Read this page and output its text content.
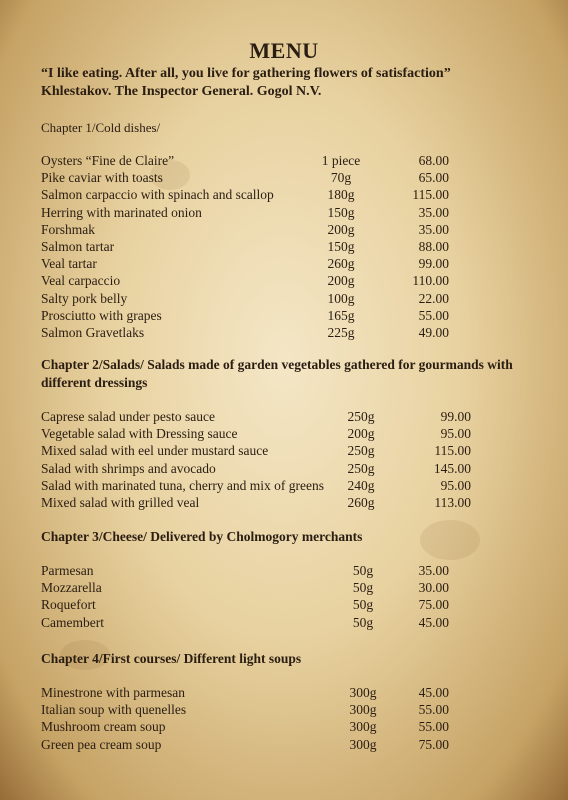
MENU
“I like eating. After all, you live for gathering flowers of satisfaction”
Khlestakov. The Inspector General. Gogol N.V.
Chapter 1/Cold dishes/
Oysters “Fine de Claire”	1 piece	68.00
Pike caviar with toasts	70g	65.00
Salmon carpaccio with spinach and scallop	180g	115.00
Herring with marinated onion	150g	35.00
Forshmak	200g	35.00
Salmon tartar	150g	88.00
Veal tartar	260g	99.00
Veal carpaccio	200g	110.00
Salty pork belly	100g	22.00
Prosciutto with grapes	165g	55.00
Salmon Gravetlaks	225g	49.00
Chapter 2/Salads/ Salads made of garden vegetables gathered for gourmands with different dressings
Caprese salad under pesto sauce	250g	99.00
Vegetable salad with Dressing sauce	200g	95.00
Mixed salad with eel under mustard sauce	250g	115.00
Salad with shrimps and avocado	250g	145.00
Salad with marinated tuna, cherry and mix of greens	240g	95.00
Mixed salad with grilled veal	260g	113.00
Chapter 3/Cheese/ Delivered by Cholmogory merchants
Parmesan	50g	35.00
Mozzarella	50g	30.00
Roquefort	50g	75.00
Camembert	50g	45.00
Chapter 4/First courses/ Different light soups
Minestrone with parmesan	300g	45.00
Italian soup with quenelles	300g	55.00
Mushroom cream soup	300g	55.00
Green pea cream soup	300g	75.00
